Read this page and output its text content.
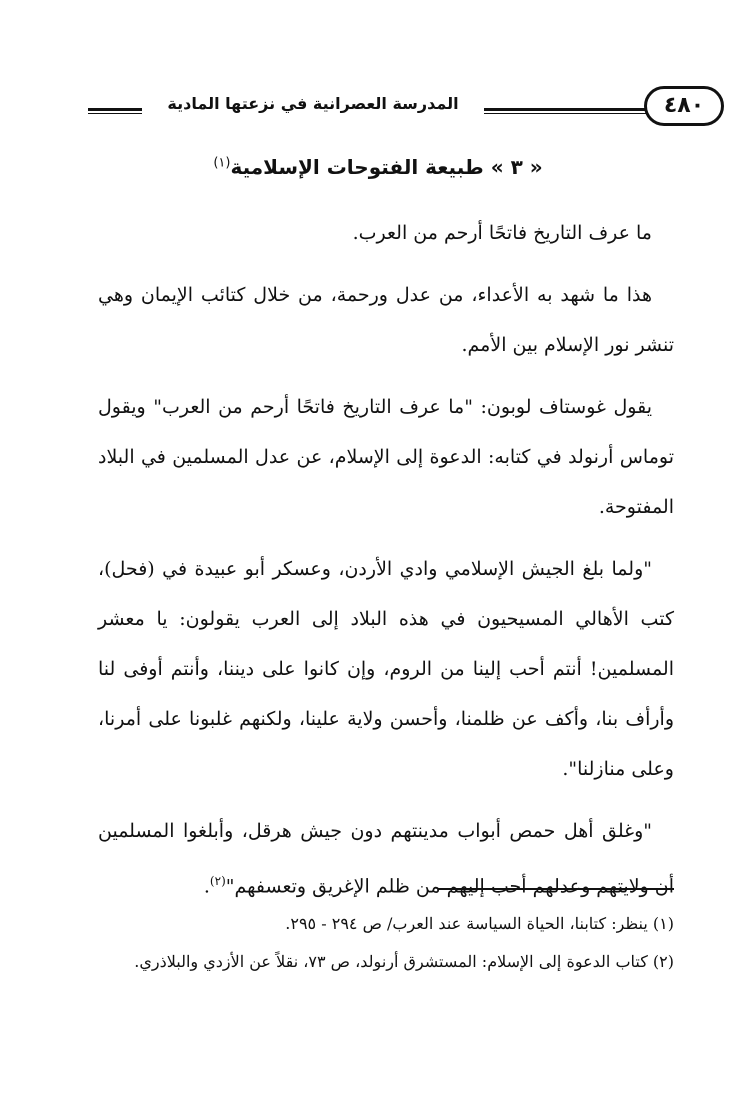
المدرسة العصرانية في نزعتها المادية	٤٨٠
« ٣ » طبيعة الفتوحات الإسلامية$^{(١)}$

ما عرف التاريخ فاتحًا أرحم من العرب.

هذا ما شهد به الأعداء، من عدل ورحمة، من خلال كتائب الإيمان وهي تنشر نور الإسلام بين الأمم.

يقول غوستاف لوبون: "ما عرف التاريخ فاتحًا أرحم من العرب" ويقول توماس أرنولد في كتابه: الدعوة إلى الإسلام، عن عدل المسلمين في البلاد المفتوحة.

"ولما بلغ الجيش الإسلامي وادي الأردن، وعسكر أبو عبيدة في (فحل)، كتب الأهالي المسيحيون في هذه البلاد إلى العرب يقولون: يا معشر المسلمين! أنتم أحب إلينا من الروم، وإن كانوا على ديننا، وأنتم أوفى لنا وأرأف بنا، وأكف عن ظلمنا، وأحسن ولاية علينا، ولكنهم غلبونا على أمرنا، وعلى منازلنا".

"وغلق أهل حمص أبواب مدينتهم دون جيش هرقل، وأبلغوا المسلمين أن ولايتهم وعدلهم أحب إليهم من ظلم الإغريق وتعسفهم"$^{(٢)}$.

(١) ينظر: كتابنا، الحياة السياسة عند العرب/ ص ٢٩٤ - ٢٩٥.

(٢) كتاب الدعوة إلى الإسلام: المستشرق أرنولد، ص ٧٣، نقلاً عن الأزدي والبلاذري.
